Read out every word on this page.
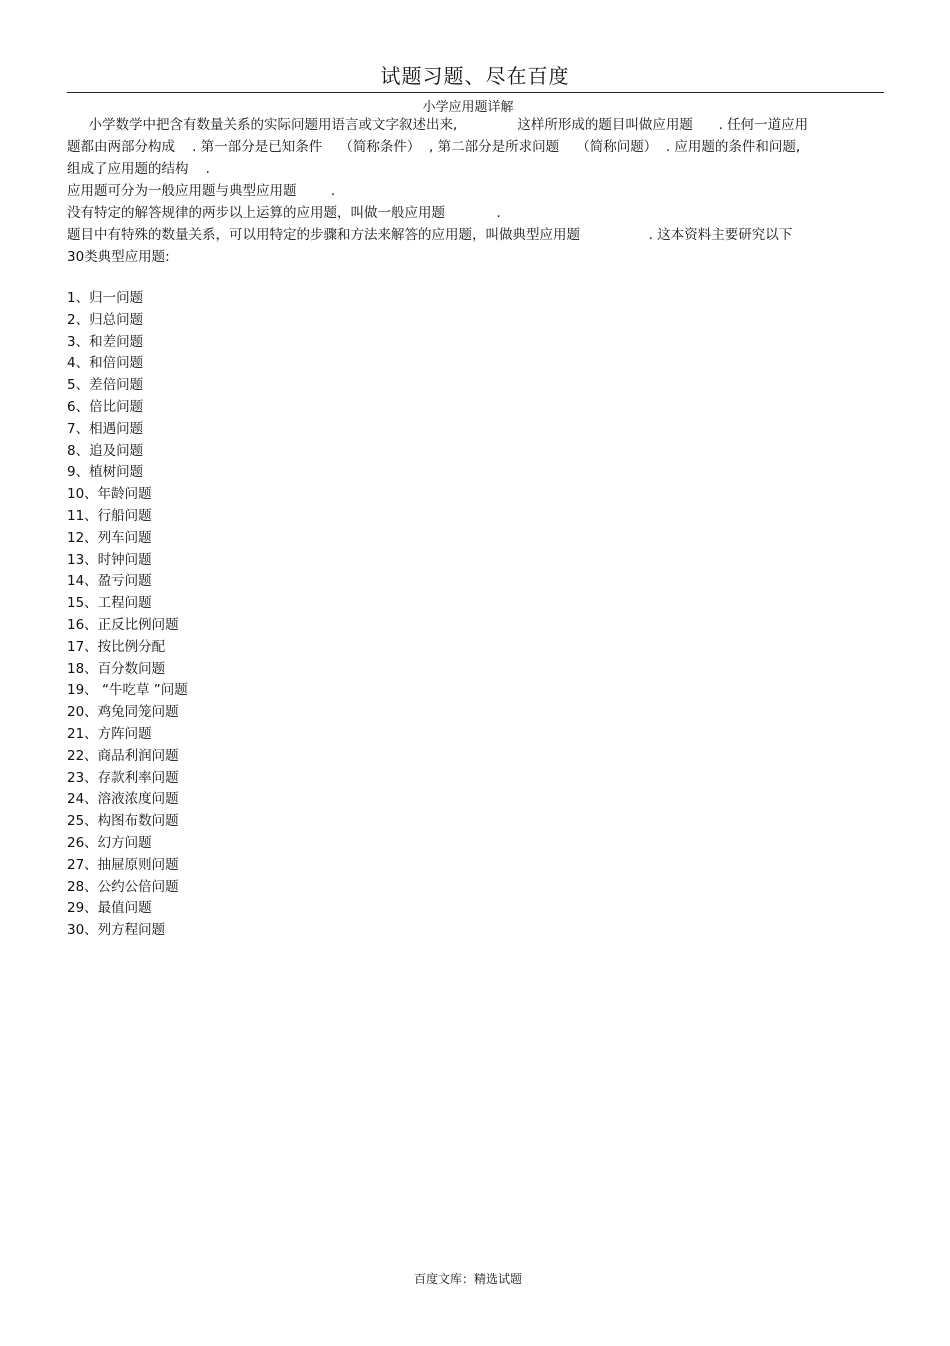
试题习题、尽在百度
小学应用题详解
小学数学中把含有数量关系的实际问题用语言或文字叙述出来,              这样所形成的题目叫做应用题      . 任何一道应用
题都由两部分构成    . 第一部分是已知条件    （简称条件）  , 第二部分是所求问题    （简称问题）  . 应用题的条件和问题,
组成了应用题的结构    .
应用题可分为一般应用题与典型应用题        .
没有特定的解答规律的两步以上运算的应用题，叫做一般应用题            .
题目中有特殊的数量关系，可以用特定的步骤和方法来解答的应用题，叫做典型应用题                . 这本资料主要研究以下
30类典型应用题:
1、归一问题
2、归总问题
3、和差问题
4、和倍问题
5、差倍问题
6、倍比问题
7、相遇问题
8、追及问题
9、植树问题
10、年龄问题
11、行船问题
12、列车问题
13、时钟问题
14、盈亏问题
15、工程问题
16、正反比例问题
17、按比例分配
18、百分数问题
19、 “牛吃草 ”问题
20、鸡兔同笼问题
21、方阵问题
22、商品利润问题
23、存款利率问题
24、溶液浓度问题
25、构图布数问题
26、幻方问题
27、抽屉原则问题
28、公约公倍问题
29、最值问题
30、列方程问题
百度文库：精选试题
